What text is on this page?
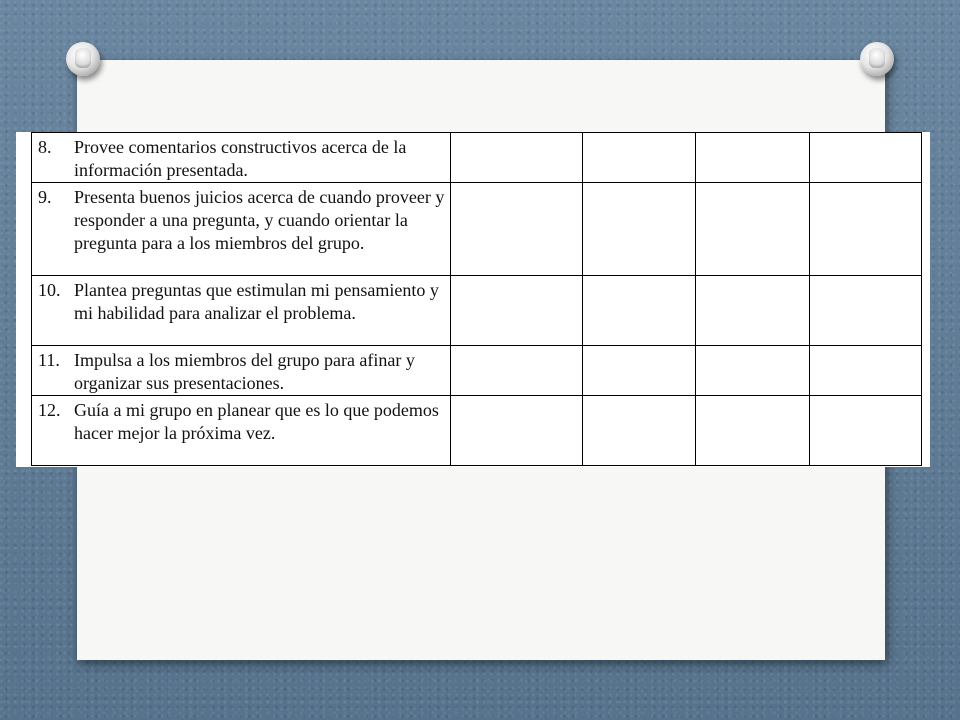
8. Provee comentarios constructivos acerca de la información presentada.				

9. Presenta buenos juicios acerca de cuando proveer y responder a una pregunta, y cuando orientar la pregunta para a los miembros del grupo.				

10. Plantea preguntas que estimulan mi pensamiento y mi habilidad para analizar el problema.				

11. Impulsa a los miembros del grupo para afinar y organizar sus presentaciones.				

12. Guía a mi grupo en planear que es lo que podemos hacer mejor la próxima vez.				
